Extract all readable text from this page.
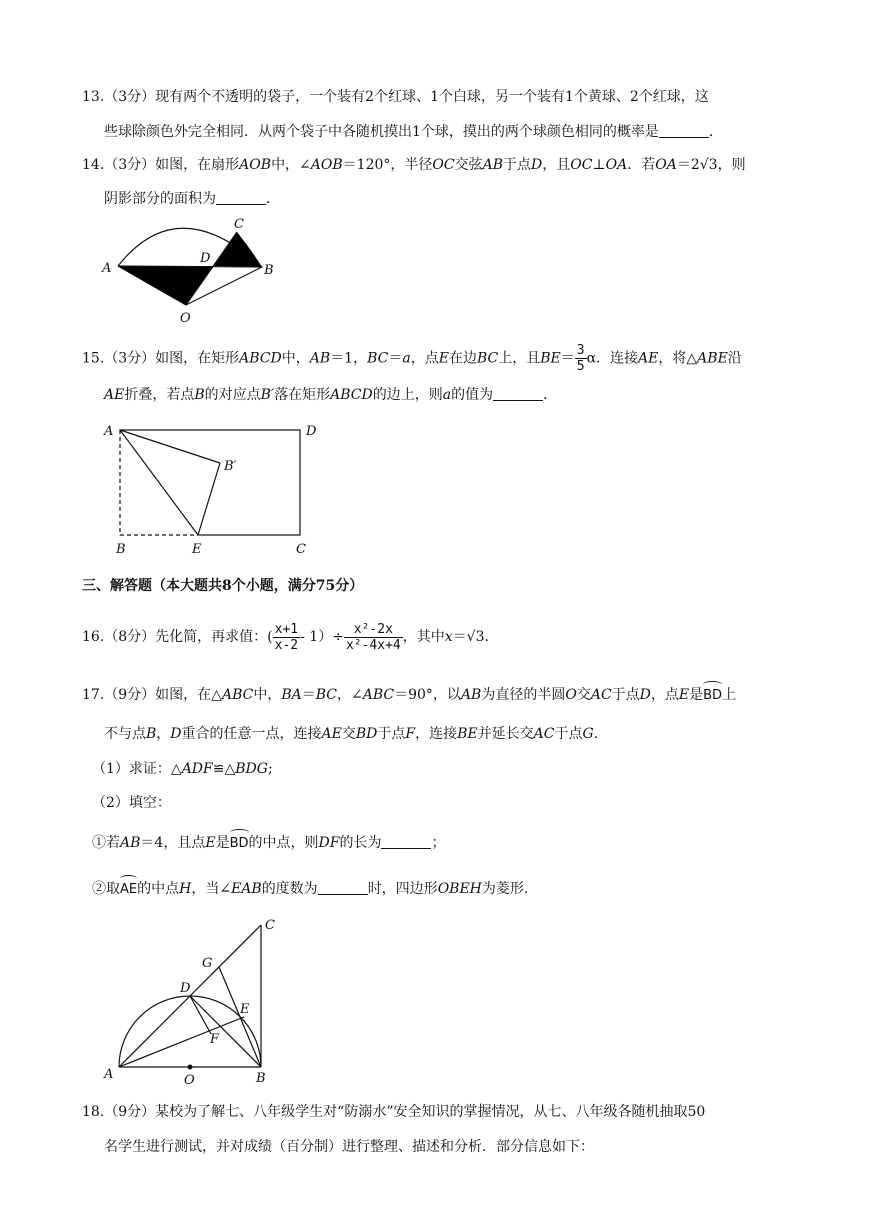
13.（3分）现有两个不透明的袋子，一个装有2个红球、1个白球，另一个装有1个黄球、2个红球，这
些球除颜色外完全相同．从两个袋子中各随机摸出1个球，摸出的两个球颜色相同的概率是	．
14.（3分）如图，在扇形AOB中，∠AOB＝120°，半径OC交弦AB于点D，且OC⊥OA．若OA＝2√3，则
阴影部分的面积为	．
A	B
C
D
O
15.（3分）如图，在矩形ABCD中，AB＝1，BC＝a，点E在边BC上，且$BE= \frac{3}{5}$ α．连接AE，将△ABE沿
AE折叠，若点B的对应点B′落在矩形ABCD的边上，则a的值为	．
A	D
B′
B	E	C
三、解答题（本大题共8个小题，满分75分）
16.（8分）先化简，再求值：( $\frac{x+1}{x-2} - 1)\div \frac{\text{x²-2x}}{\text{x²-4x+4}}$ ，其中x＝√3.
17.（9分）如图，在△ABC中，BA＝BC，∠ABC＝90°，以AB为直径的半圆O交AC于点D，点E是BD上
不与点B，D重合的任意一点，连接AE交BD于点F，连接BE并延长交AC于点G.
（1）求证：△ADF≌△BDG;
（2）填空：
①若AB＝4，且点E是BD的中点，则DF的长为	；
②取AE的中点H，当∠EAB的度数为	时，四边形OBEH为菱形.
C
G
D
E
F
A	O	B
18.（9分）某校为了解七、八年级学生对“防溺水”安全知识的掌握情况，从七、八年级各随机抽取50
名学生进行测试，并对成绩（百分制）进行整理、描述和分析．部分信息如下：
